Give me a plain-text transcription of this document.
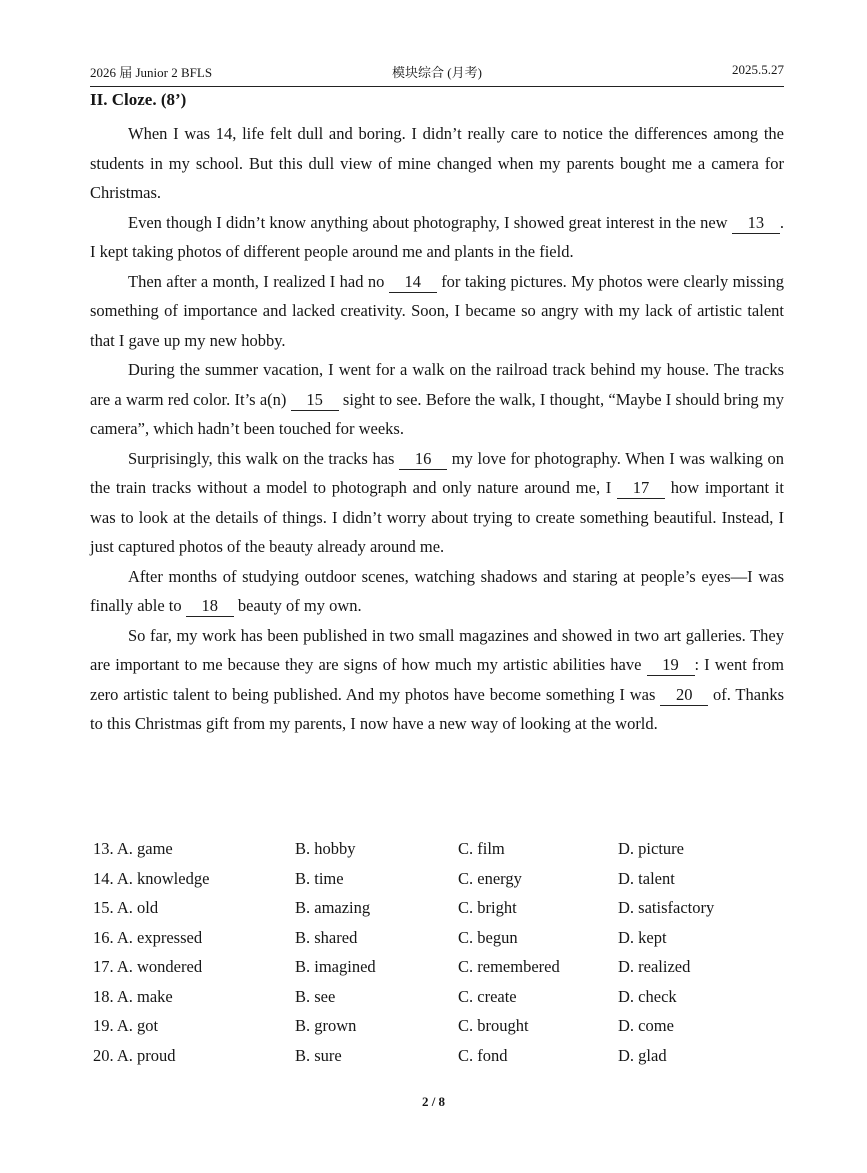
2026 届 Junior 2 BFLS	模块综合 (月考)	2025.5.27
II. Cloze. (8’)

When I was 14, life felt dull and boring. I didn’t really care to notice the differences among the students in my school. But this dull view of mine changed when my parents bought me a camera for Christmas.

Even though I didn’t know anything about photography, I showed great interest in the new 13 . I kept taking photos of different people around me and plants in the field.

Then after a month, I realized I had no 14 for taking pictures. My photos were clearly missing something of importance and lacked creativity. Soon, I became so angry with my lack of artistic talent that I gave up my new hobby.

During the summer vacation, I went for a walk on the railroad track behind my house. The tracks are a warm red color. It’s a(n) 15 sight to see. Before the walk, I thought, “Maybe I should bring my camera”, which hadn’t been touched for weeks.

Surprisingly, this walk on the tracks has 16 my love for photography. When I was walking on the train tracks without a model to photograph and only nature around me, I 17 how important it was to look at the details of things. I didn’t worry about trying to create something beautiful. Instead, I just captured photos of the beauty already around me.

After months of studying outdoor scenes, watching shadows and staring at people’s eyes—I was finally able to 18 beauty of my own.

So far, my work has been published in two small magazines and showed in two art galleries. They are important to me because they are signs of how much my artistic abilities have 19 : I went from zero artistic talent to being published. And my photos have become something I was 20 of. Thanks to this Christmas gift from my parents, I now have a new way of looking at the world.

13. A. game	B. hobby	C. film	D. picture
14. A. knowledge	B. time	C. energy	D. talent
15. A. old	B. amazing	C. bright	D. satisfactory
16. A. expressed	B. shared	C. begun	D. kept
17. A. wondered	B. imagined	C. remembered	D. realized
18. A. make	B. see	C. create	D. check
19. A. got	B. grown	C. brought	D. come
20. A. proud	B. sure	C. fond	D. glad
2 / 8
